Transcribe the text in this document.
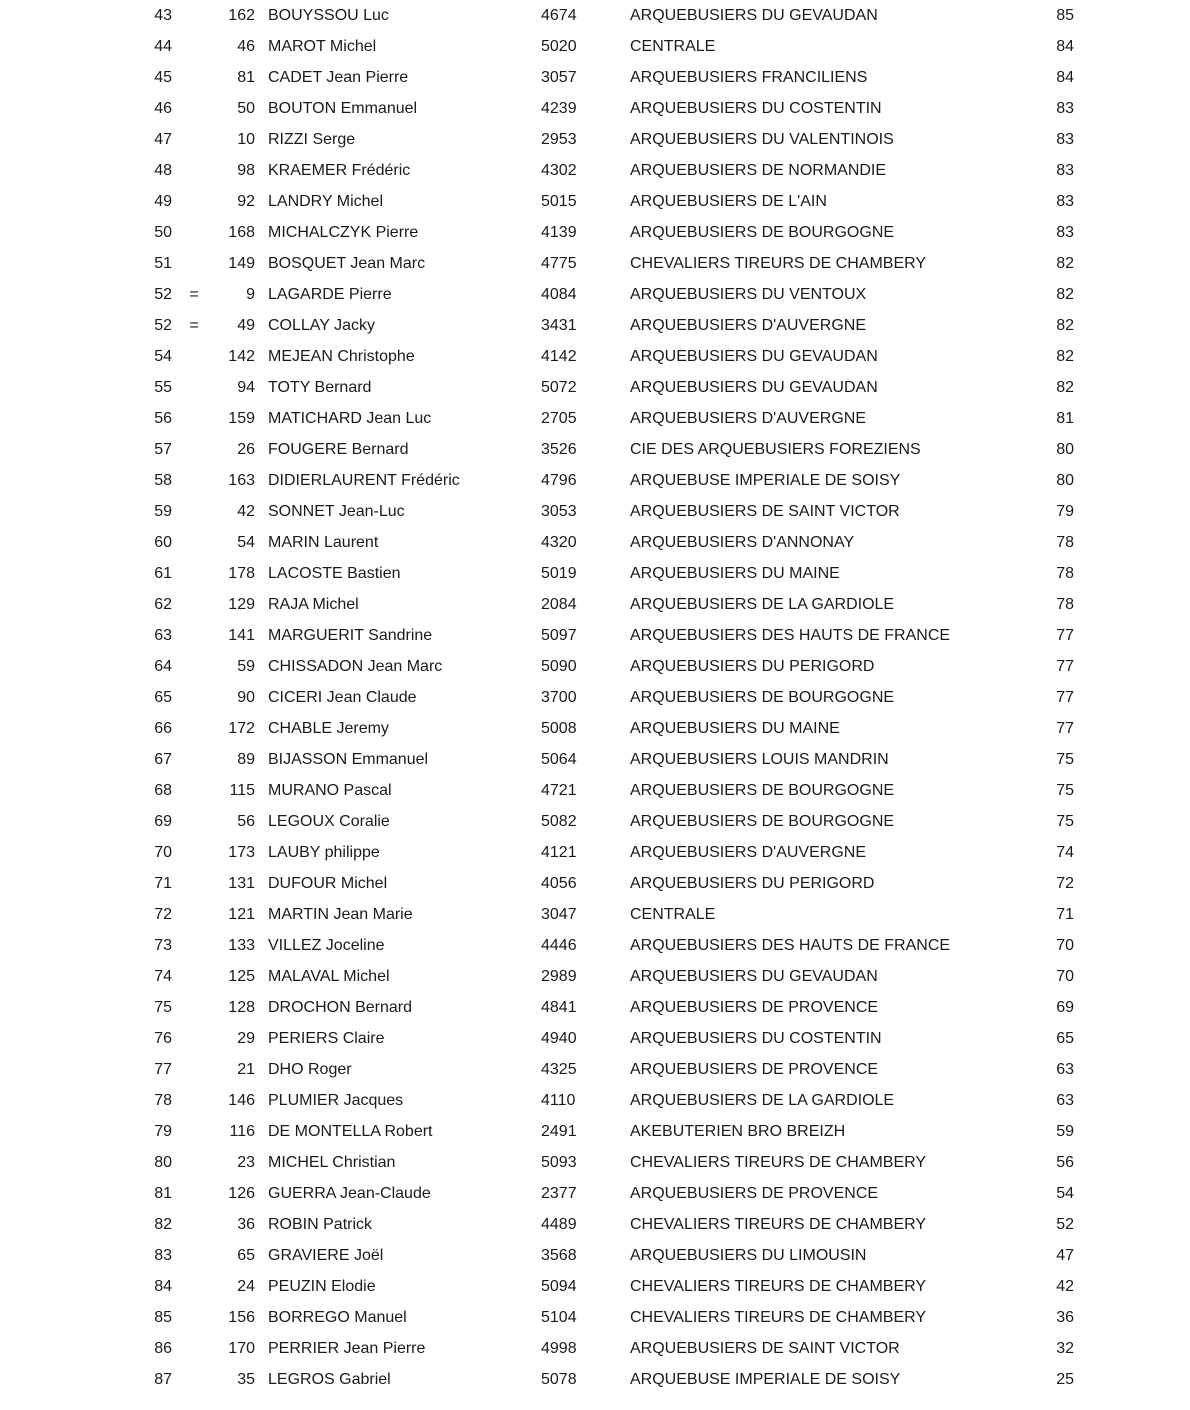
43	162 BOUYSSOU Luc	4674	ARQUEBUSIERS DU GEVAUDAN	85
44	46 MAROT Michel	5020	CENTRALE	84
45	81 CADET Jean Pierre	3057	ARQUEBUSIERS FRANCILIENS	84
46	50 BOUTON Emmanuel	4239	ARQUEBUSIERS DU COSTENTIN	83
47	10 RIZZI Serge	2953	ARQUEBUSIERS DU VALENTINOIS	83
48	98 KRAEMER Frédéric	4302	ARQUEBUSIERS DE NORMANDIE	83
49	92 LANDRY Michel	5015	ARQUEBUSIERS DE L'AIN	83
50	168 MICHALCZYK Pierre	4139	ARQUEBUSIERS DE BOURGOGNE	83
51	149 BOSQUET Jean Marc	4775	CHEVALIERS TIREURS DE CHAMBERY	82
52	=	9 LAGARDE Pierre	4084	ARQUEBUSIERS DU VENTOUX	82
52	=	49 COLLAY Jacky	3431	ARQUEBUSIERS D'AUVERGNE	82
54	142 MEJEAN Christophe	4142	ARQUEBUSIERS DU GEVAUDAN	82
55	94 TOTY Bernard	5072	ARQUEBUSIERS DU GEVAUDAN	82
56	159 MATICHARD Jean Luc	2705	ARQUEBUSIERS D'AUVERGNE	81
57	26 FOUGERE Bernard	3526	CIE DES ARQUEBUSIERS FOREZIENS	80
58	163 DIDIERLAURENT Frédéric	4796	ARQUEBUSE IMPERIALE DE SOISY	80
59	42 SONNET Jean-Luc	3053	ARQUEBUSIERS DE SAINT VICTOR	79
60	54 MARIN Laurent	4320	ARQUEBUSIERS D'ANNONAY	78
61	178 LACOSTE Bastien	5019	ARQUEBUSIERS DU MAINE	78
62	129 RAJA Michel	2084	ARQUEBUSIERS DE LA GARDIOLE	78
63	141 MARGUERIT Sandrine	5097	ARQUEBUSIERS DES HAUTS DE FRANCE	77
64	59 CHISSADON Jean Marc	5090	ARQUEBUSIERS DU PERIGORD	77
65	90 CICERI Jean Claude	3700	ARQUEBUSIERS DE BOURGOGNE	77
66	172 CHABLE Jeremy	5008	ARQUEBUSIERS DU MAINE	77
67	89 BIJASSON Emmanuel	5064	ARQUEBUSIERS LOUIS MANDRIN	75
68	115 MURANO Pascal	4721	ARQUEBUSIERS DE BOURGOGNE	75
69	56 LEGOUX Coralie	5082	ARQUEBUSIERS DE BOURGOGNE	75
70	173 LAUBY philippe	4121	ARQUEBUSIERS D'AUVERGNE	74
71	131 DUFOUR Michel	4056	ARQUEBUSIERS DU PERIGORD	72
72	121 MARTIN Jean Marie	3047	CENTRALE	71
73	133 VILLEZ Joceline	4446	ARQUEBUSIERS DES HAUTS DE FRANCE	70
74	125 MALAVAL Michel	2989	ARQUEBUSIERS DU GEVAUDAN	70
75	128 DROCHON Bernard	4841	ARQUEBUSIERS DE PROVENCE	69
76	29 PERIERS Claire	4940	ARQUEBUSIERS DU COSTENTIN	65
77	21 DHO Roger	4325	ARQUEBUSIERS DE PROVENCE	63
78	146 PLUMIER Jacques	4110	ARQUEBUSIERS DE LA GARDIOLE	63
79	116 DE MONTELLA Robert	2491	AKEBUTERIEN BRO BREIZH	59
80	23 MICHEL Christian	5093	CHEVALIERS TIREURS DE CHAMBERY	56
81	126 GUERRA Jean-Claude	2377	ARQUEBUSIERS DE PROVENCE	54
82	36 ROBIN Patrick	4489	CHEVALIERS TIREURS DE CHAMBERY	52
83	65 GRAVIERE Joël	3568	ARQUEBUSIERS DU LIMOUSIN	47
84	24 PEUZIN Elodie	5094	CHEVALIERS TIREURS DE CHAMBERY	42
85	156 BORREGO Manuel	5104	CHEVALIERS TIREURS DE CHAMBERY	36
86	170 PERRIER Jean Pierre	4998	ARQUEBUSIERS DE SAINT VICTOR	32
87	35 LEGROS Gabriel	5078	ARQUEBUSE IMPERIALE DE SOISY	25
